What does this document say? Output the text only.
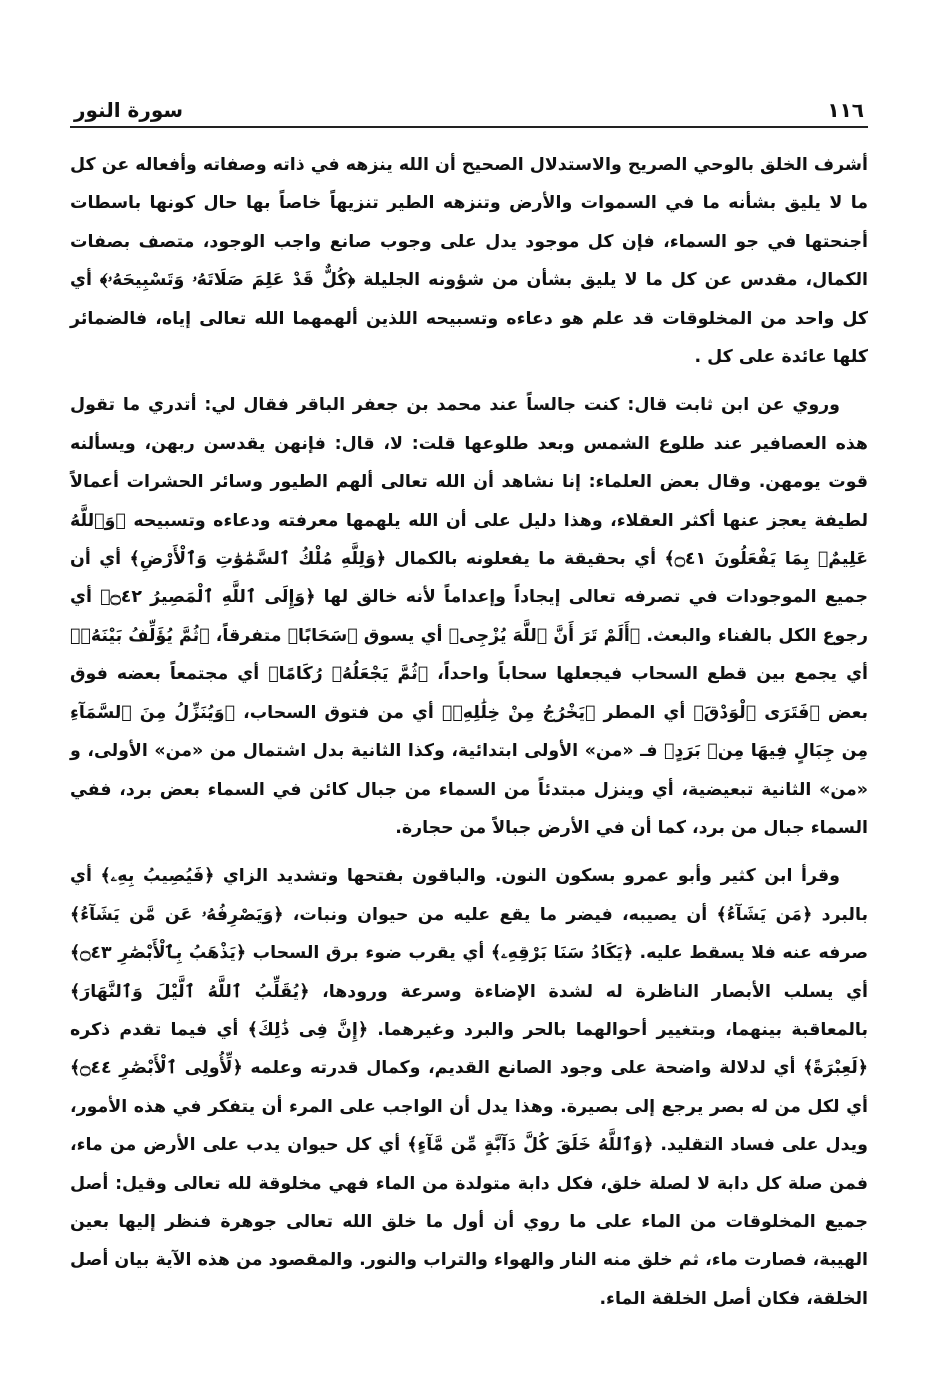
١١٦
سورة النور

أشرف الخلق بالوحي الصريح والاستدلال الصحيح أن الله ينزهه في ذاته وصفاته وأفعاله عن كل ما لا يليق بشأنه ما في السموات والأرض وتنزهه الطير تنزيهاً خاصاً بها حال كونها باسطات أجنحتها في جو السماء، فإن كل موجود يدل على وجوب صانع واجب الوجود، متصف بصفات الكمال، مقدس عن كل ما لا يليق بشأن من شؤونه الجليلة ﴿كُلٌّ قَدْ عَلِمَ صَلَاتَهُۥ وَتَسْبِيحَهُۥ﴾ أي كل واحد من المخلوقات قد علم هو دعاءه وتسبيحه اللذين ألهمهما الله تعالى إياه، فالضمائر كلها عائدة على كل .

وروي عن ابن ثابت قال: كنت جالساً عند محمد بن جعفر الباقر فقال لي: أتدري ما تقول هذه العصافير عند طلوع الشمس وبعد طلوعها قلت: لا، قال: فإنهن يقدسن ربهن، ويسألنه قوت يومهن. وقال بعض العلماء: إنا نشاهد أن الله تعالى ألهم الطيور وسائر الحشرات أعمالاً لطيفة يعجز عنها أكثر العقلاء، وهذا دليل على أن الله يلهمها معرفته ودعاءه وتسبيحه ﴿وَٱللَّهُ عَلِيمٌۢ بِمَا يَفْعَلُونَ ۝٤١﴾ أي بحقيقة ما يفعلونه بالكمال ﴿وَلِلَّهِ مُلْكُ ٱلسَّمَٰوَٰتِ وَٱلْأَرْضِ﴾ أي أن جميع الموجودات في تصرفه تعالى إيجاداً وإعداماً لأنه خالق لها ﴿وَإِلَى ٱللَّهِ ٱلْمَصِيرُ ۝٤٢﴾ أي رجوع الكل بالفناء والبعث. ﴿أَلَمْ تَرَ أَنَّ ٱللَّهَ يُزْجِى﴾ أي يسوق ﴿سَحَابًا﴾ متفرقاً، ﴿ثُمَّ يُؤَلِّفُ بَيْنَهُۥ﴾ أي يجمع بين قطع السحاب فيجعلها سحاباً واحداً، ﴿ثُمَّ يَجْعَلُهُۥ رُكَامًا﴾ أي مجتمعاً بعضه فوق بعض ﴿فَتَرَى ٱلْوَدْقَ﴾ أي المطر ﴿يَخْرُجُ مِنْ خِلَٰلِهِۦ﴾ أي من فتوق السحاب، ﴿وَيُنَزِّلُ مِنَ ٱلسَّمَآءِ مِن جِبَالٍ فِيهَا مِنۢ بَرَدٍ﴾ فـ «من» الأولى ابتدائية، وكذا الثانية بدل اشتمال من «من» الأولى، و «من» الثانية تبعيضية، أي وينزل مبتدئاً من السماء من جبال كائن في السماء بعض برد، ففي السماء جبال من برد، كما أن في الأرض جبالاً من حجارة.

وقرأ ابن كثير وأبو عمرو بسكون النون. والباقون بفتحها وتشديد الزاي ﴿فَيُصِيبُ بِهِۦ﴾ أي بالبرد ﴿مَن يَشَآءُ﴾ أن يصيبه، فيضر ما يقع عليه من حيوان ونبات، ﴿وَيَصْرِفُهُۥ عَن مَّن يَشَآءُ﴾ صرفه عنه فلا يسقط عليه. ﴿يَكَادُ سَنَا بَرْقِهِۦ﴾ أي يقرب ضوء برق السحاب ﴿يَذْهَبُ بِٱلْأَبْصَٰرِ ۝٤٣﴾ أي يسلب الأبصار الناظرة له لشدة الإضاءة وسرعة ورودها، ﴿يُقَلِّبُ ٱللَّهُ ٱلَّيْلَ وَٱلنَّهَارَ﴾ بالمعاقبة بينهما، وبتغيير أحوالهما بالحر والبرد وغيرهما. ﴿إِنَّ فِى ذَٰلِكَ﴾ أي فيما تقدم ذكره ﴿لَعِبْرَةً﴾ أي لدلالة واضحة على وجود الصانع القديم، وكمال قدرته وعلمه ﴿لِّأُولِى ٱلْأَبْصَٰرِ ۝٤٤﴾ أي لكل من له بصر يرجع إلى بصيرة. وهذا يدل أن الواجب على المرء أن يتفكر في هذه الأمور، ويدل على فساد التقليد. ﴿وَٱللَّهُ خَلَقَ كُلَّ دَآبَّةٍ مِّن مَّآءٍ﴾ أي كل حيوان يدب على الأرض من ماء، فمن صلة كل دابة لا لصلة خلق، فكل دابة متولدة من الماء فهي مخلوقة لله تعالى وقيل: أصل جميع المخلوقات من الماء على ما روي أن أول ما خلق الله تعالى جوهرة فنظر إليها بعين الهيبة، فصارت ماء، ثم خلق منه النار والهواء والتراب والنور. والمقصود من هذه الآية بيان أصل الخلقة، فكان أصل الخلقة الماء.
